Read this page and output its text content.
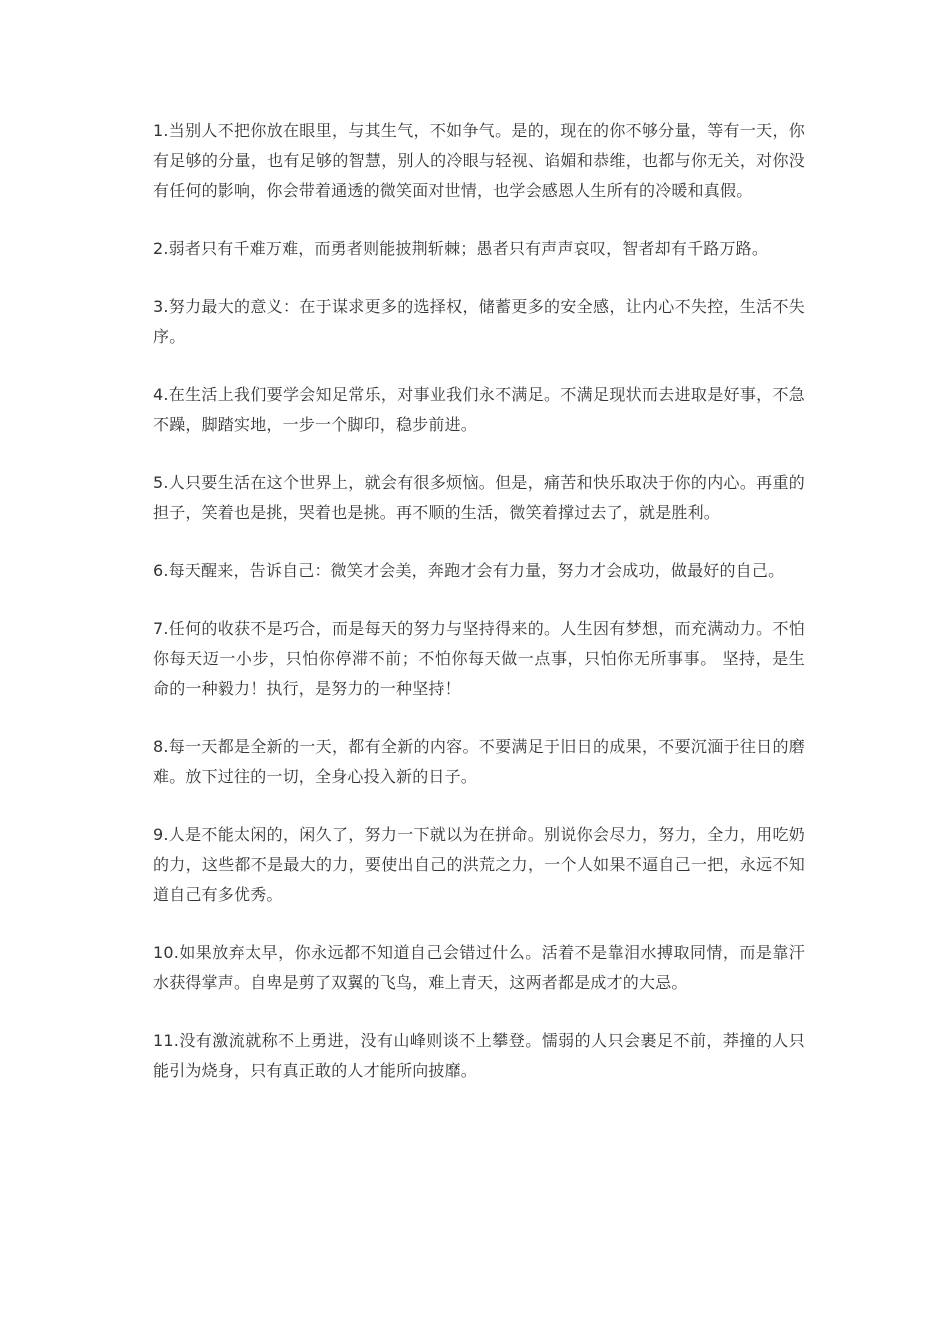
1.当别人不把你放在眼里，与其生气，不如争气。是的，现在的你不够分量，等有一天，你有足够的分量，也有足够的智慧，别人的冷眼与轻视、谄媚和恭维，也都与你无关，对你没有任何的影响，你会带着通透的微笑面对世情，也学会感恩人生所有的冷暖和真假。

2.弱者只有千难万难，而勇者则能披荆斩棘；愚者只有声声哀叹，智者却有千路万路。

3.努力最大的意义：在于谋求更多的选择权，储蓄更多的安全感，让内心不失控，生活不失序。

4.在生活上我们要学会知足常乐，对事业我们永不满足。不满足现状而去进取是好事，不急不躁，脚踏实地，一步一个脚印，稳步前进。

5.人只要生活在这个世界上，就会有很多烦恼。但是，痛苦和快乐取决于你的内心。再重的担子，笑着也是挑，哭着也是挑。再不顺的生活，微笑着撑过去了，就是胜利。

6.每天醒来，告诉自己：微笑才会美，奔跑才会有力量，努力才会成功，做最好的自己。

7.任何的收获不是巧合，而是每天的努力与坚持得来的。人生因有梦想，而充满动力。不怕你每天迈一小步，只怕你停滞不前；不怕你每天做一点事，只怕你无所事事。 坚持，是生命的一种毅力！执行，是努力的一种坚持！

8.每一天都是全新的一天，都有全新的内容。不要满足于旧日的成果，不要沉湎于往日的磨难。放下过往的一切，全身心投入新的日子。

9.人是不能太闲的，闲久了，努力一下就以为在拼命。别说你会尽力，努力，全力，用吃奶的力，这些都不是最大的力，要使出自己的洪荒之力，一个人如果不逼自己一把，永远不知道自己有多优秀。

10.如果放弃太早，你永远都不知道自己会错过什么。活着不是靠泪水搏取同情，而是靠汗水获得掌声。自卑是剪了双翼的飞鸟，难上青天，这两者都是成才的大忌。

11.没有激流就称不上勇进，没有山峰则谈不上攀登。懦弱的人只会裹足不前，莽撞的人只能引为烧身，只有真正敢的人才能所向披靡。
